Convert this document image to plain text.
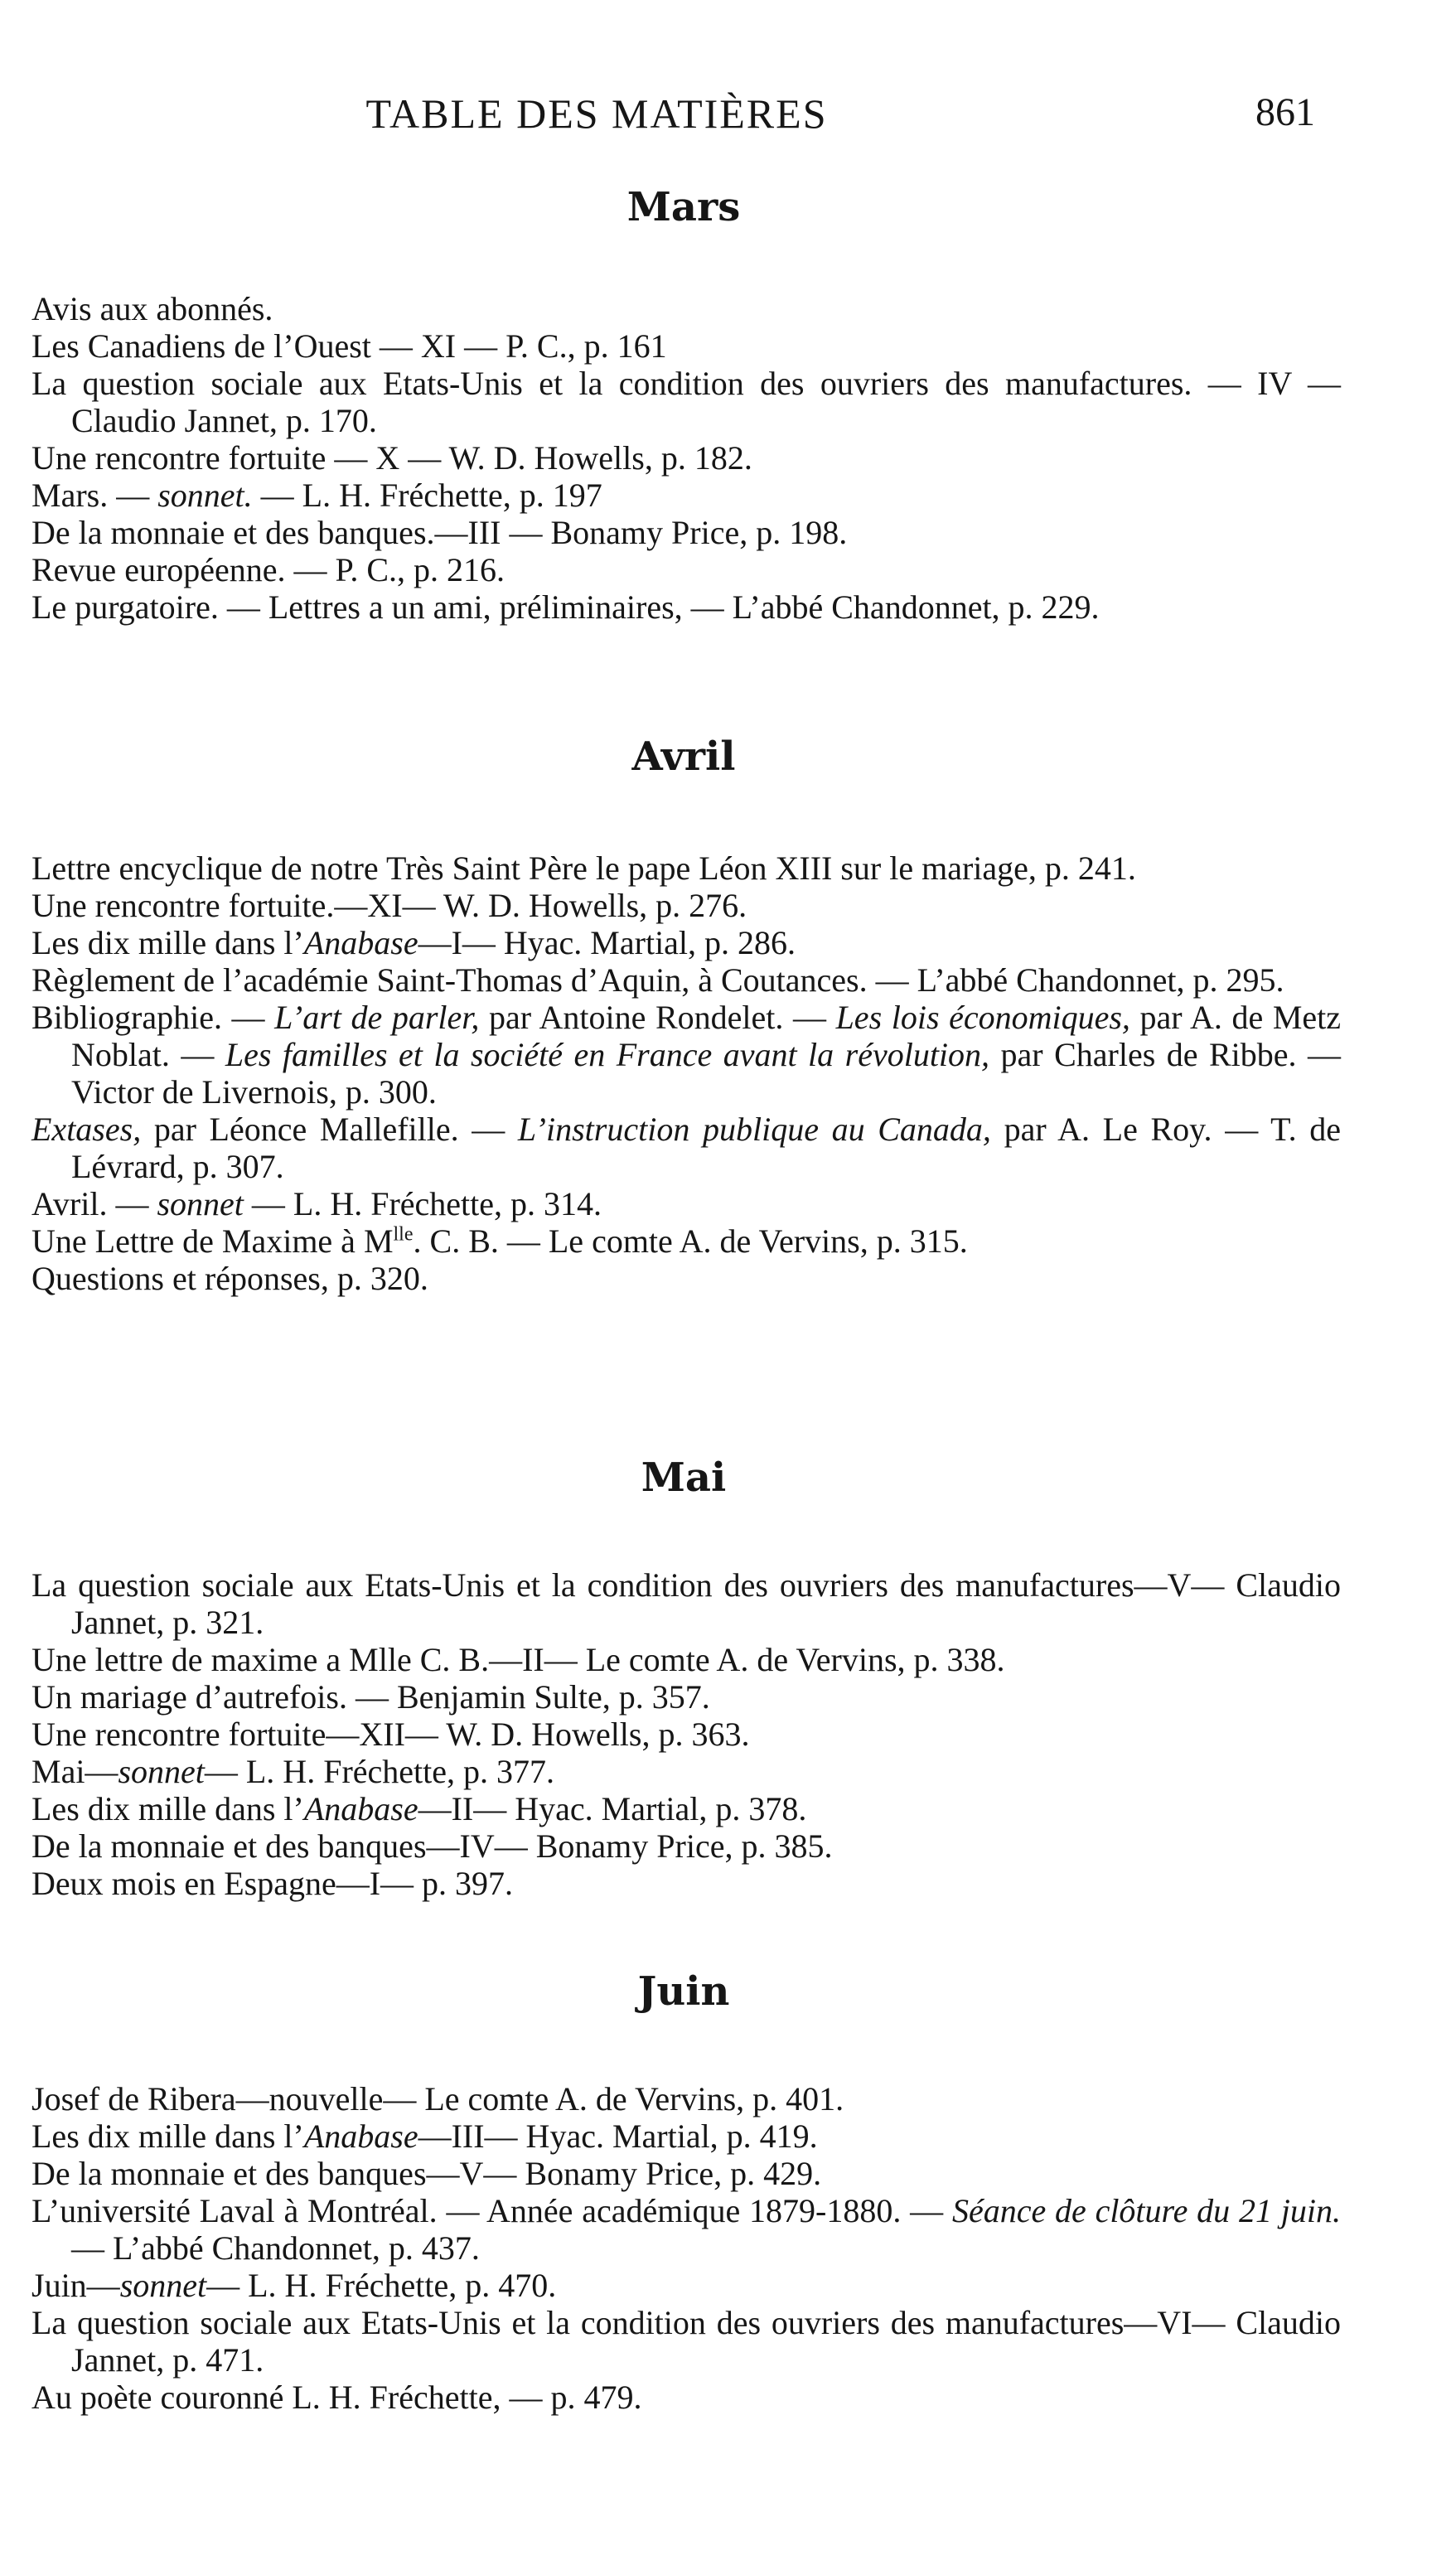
TABLE DES MATIÈRES	861
Mars
Avis aux abonnés.
Les Canadiens de l’Ouest — XI — P. C., p. 161
La question sociale aux Etats-Unis et la condition des ouvriers des manufactures. — IV — Claudio Jannet, p. 170.
Une rencontre fortuite — X — W. D. Howells, p. 182.
Mars. — sonnet. — L. H. Fréchette, p. 197
De la monnaie et des banques.—III — Bonamy Price, p. 198.
Revue européenne. — P. C., p. 216.
Le purgatoire. — Lettres a un ami, préliminaires, — L’abbé Chandonnet, p. 229.
Avril
Lettre encyclique de notre Très Saint Père le pape Léon XIII sur le mariage, p. 241.
Une rencontre fortuite.—XI— W. D. Howells, p. 276.
Les dix mille dans l’Anabase—I— Hyac. Martial, p. 286.
Règlement de l’académie Saint-Thomas d’Aquin, à Coutances. — L’abbé Chandonnet, p. 295.
Bibliographie. — L’art de parler, par Antoine Rondelet. — Les lois économiques, par A. de Metz Noblat. — Les familles et la société en France avant la révolution, par Charles de Ribbe. — Victor de Livernois, p. 300.
Extases, par Léonce Mallefille. — L’instruction publique au Canada, par A. Le Roy. — T. de Lévrard, p. 307.
Avril. — sonnet — L. H. Fréchette, p. 314.
Une Lettre de Maxime à $M^{lle}$. C. B. — Le comte A. de Vervins, p. 315.
Questions et réponses, p. 320.
Mai
La question sociale aux Etats-Unis et la condition des ouvriers des manufactures—V— Claudio Jannet, p. 321.
Une lettre de maxime a Mlle C. B.—II— Le comte A. de Vervins, p. 338.
Un mariage d’autrefois. — Benjamin Sulte, p. 357.
Une rencontre fortuite—XII— W. D. Howells, p. 363.
Mai—sonnet— L. H. Fréchette, p. 377.
Les dix mille dans l’Anabase—II— Hyac. Martial, p. 378.
De la monnaie et des banques—IV— Bonamy Price, p. 385.
Deux mois en Espagne—I— p. 397.
Juin
Josef de Ribera—nouvelle— Le comte A. de Vervins, p. 401.
Les dix mille dans l’Anabase—III— Hyac. Martial, p. 419.
De la monnaie et des banques—V— Bonamy Price, p. 429.
L’université Laval à Montréal. — Année académique 1879-1880. — Séance de clôture du 21 juin. — L’abbé Chandonnet, p. 437.
Juin—sonnet— L. H. Fréchette, p. 470.
La question sociale aux Etats-Unis et la condition des ouvriers des manufactures—VI— Claudio Jannet, p. 471.
Au poète couronné L. H. Fréchette, — p. 479.
